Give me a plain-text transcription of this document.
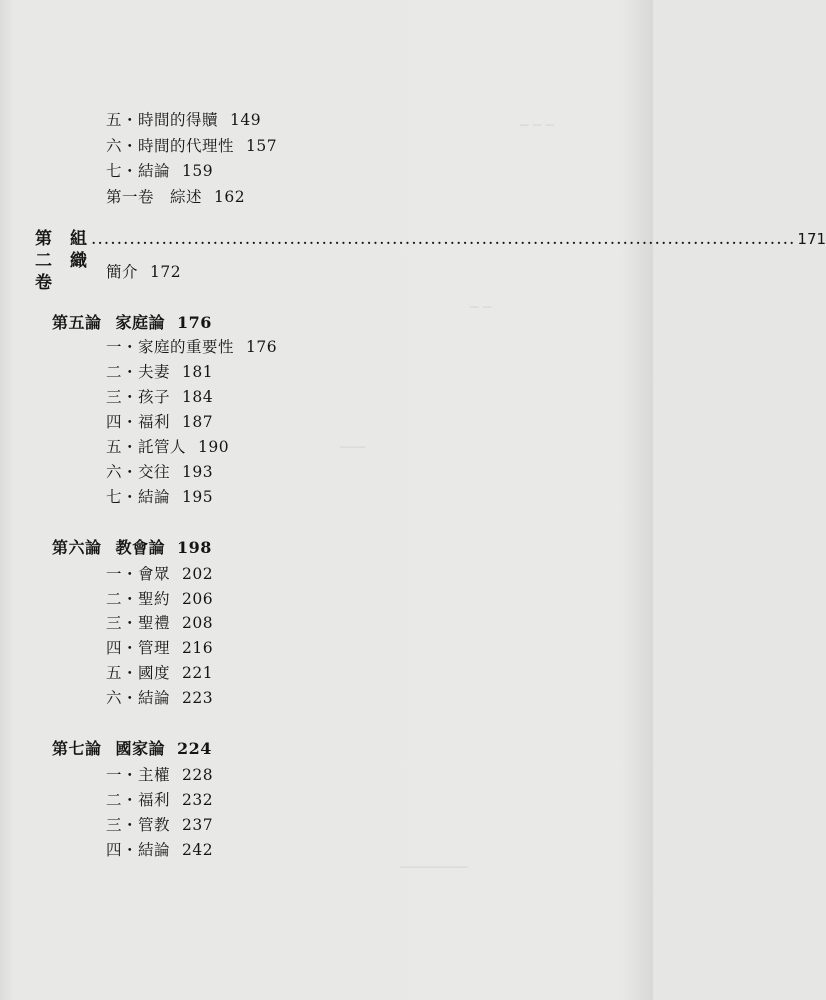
─ ─ ─
─ ─
───
────────
五・時間的得贖 149
六・時間的代理性 157
七・結論 159
第一卷　綜述 162
第二卷
組織
.............................................................................................................. 171
簡介 172
第五論 家庭論 176
一・家庭的重要性 176
二・夫妻 181
三・孩子 184
四・福利 187
五・託管人 190
六・交往 193
七・結論 195
第六論 教會論 198
一・會眾 202
二・聖約 206
三・聖禮 208
四・管理 216
五・國度 221
六・結論 223
第七論 國家論 224
一・主權 228
二・福利 232
三・管教 237
四・結論 242
